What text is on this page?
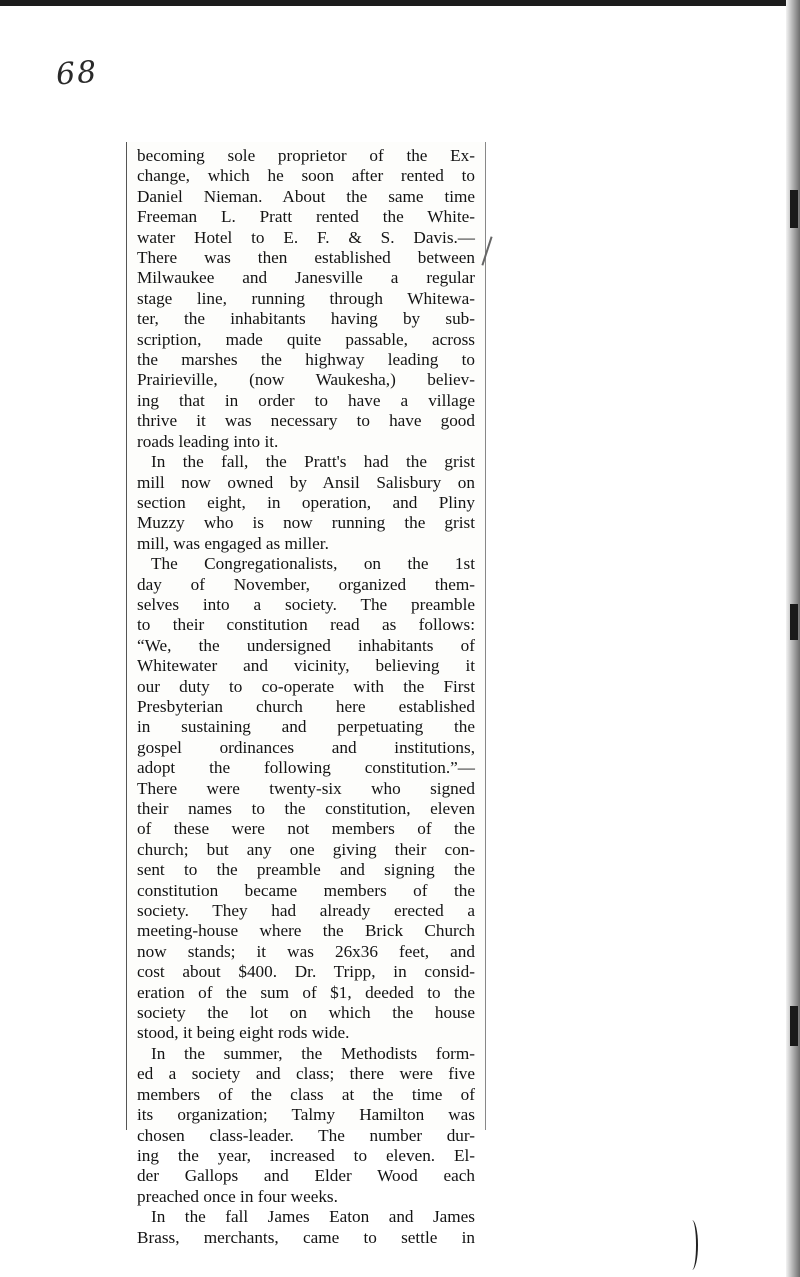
68
becoming sole proprietor of the Ex-
change, which he soon after rented to
Daniel Nieman. About the same time
Freeman L. Pratt rented the White-
water Hotel to E. F. & S. Davis.—
There was then established between
Milwaukee and Janesville a regular
stage line, running through Whitewa-
ter, the inhabitants having by sub-
scription, made quite passable, across
the marshes the highway leading to
Prairieville, (now Waukesha,) believ-
ing that in order to have a village
thrive it was necessary to have good
roads leading into it.
In the fall, the Pratt's had the grist
mill now owned by Ansil Salisbury on
section eight, in operation, and Pliny
Muzzy who is now running the grist
mill, was engaged as miller.
The Congregationalists, on the 1st
day of November, organized them-
selves into a society. The preamble
to their constitution read as follows:
“We, the undersigned inhabitants of
Whitewater and vicinity, believing it
our duty to co-operate with the First
Presbyterian church here established
in sustaining and perpetuating the
gospel ordinances and institutions,
adopt the following constitution.”—
There were twenty-six who signed
their names to the constitution, eleven
of these were not members of the
church; but any one giving their con-
sent to the preamble and signing the
constitution became members of the
society. They had already erected a
meeting-house where the Brick Church
now stands; it was 26x36 feet, and
cost about $400. Dr. Tripp, in consid-
eration of the sum of $1, deeded to the
society the lot on which the house
stood, it being eight rods wide.
In the summer, the Methodists form-
ed a society and class; there were five
members of the class at the time of
its organization; Talmy Hamilton was
chosen class-leader. The number dur-
ing the year, increased to eleven. El-
der Gallops and Elder Wood each
preached once in four weeks.
In the fall James Eaton and James
Brass, merchants, came to settle in
